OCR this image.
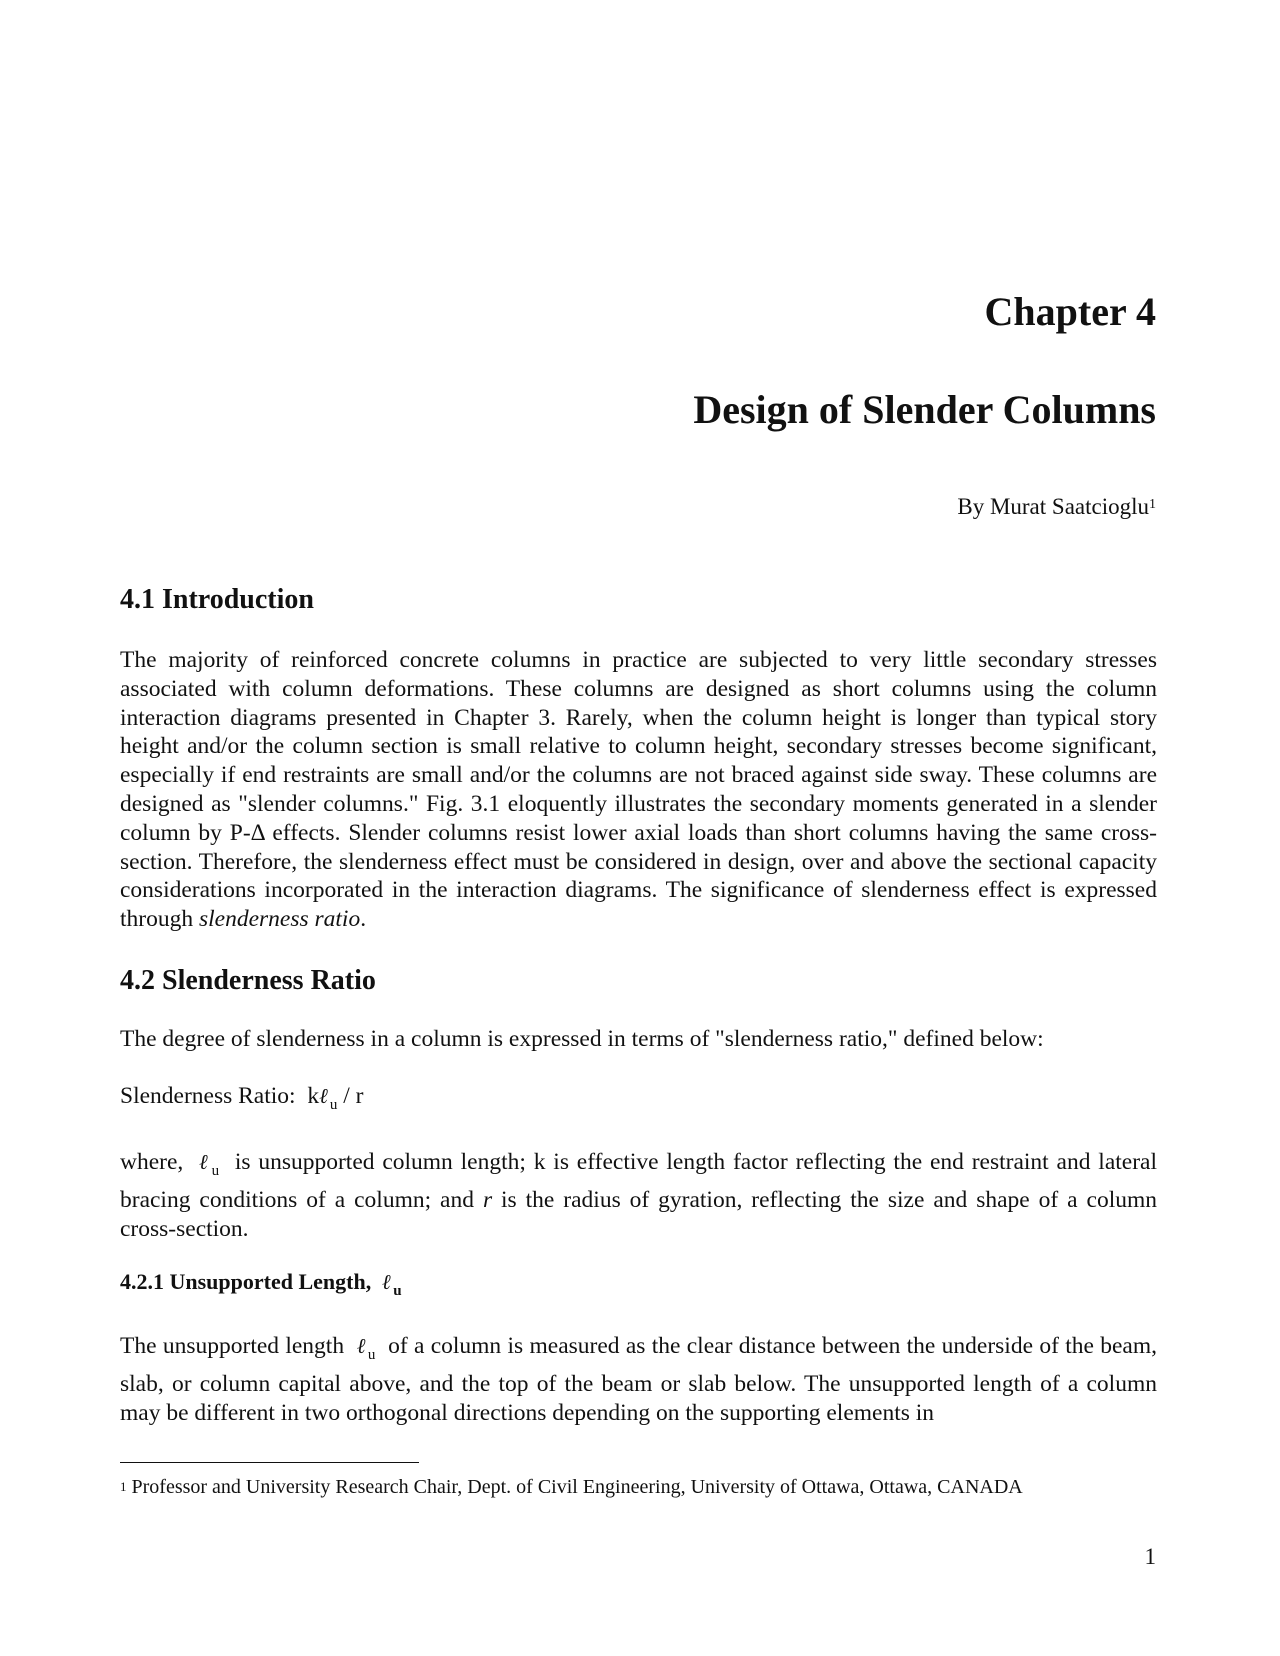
Chapter 4
Design of Slender Columns
By Murat Saatcioglu$^1$
4.1 Introduction

The majority of reinforced concrete columns in practice are subjected to very little secondary stresses associated with column deformations. These columns are designed as short columns using the column interaction diagrams presented in Chapter 3. Rarely, when the column height is longer than typical story height and/or the column section is small relative to column height, secondary stresses become significant, especially if end restraints are small and/or the columns are not braced against side sway. These columns are designed as "slender columns." Fig. 3.1 eloquently illustrates the secondary moments generated in a slender column by P-Δ effects. Slender columns resist lower axial loads than short columns having the same cross-section. Therefore, the slenderness effect must be considered in design, over and above the sectional capacity considerations incorporated in the interaction diagrams. The significance of slenderness effect is expressed through slenderness ratio.

4.2 Slenderness Ratio

The degree of slenderness in a column is expressed in terms of "slenderness ratio," defined below:

Slenderness Ratio: kℓ $_u$ / r

where, ℓ $_u$ is unsupported column length; k is effective length factor reflecting the end restraint and lateral bracing conditions of a column; and r is the radius of gyration, reflecting the size and shape of a column cross-section.

4.2.1 Unsupported Length, ℓ $_u$

The unsupported length ℓ $_u$ of a column is measured as the clear distance between the underside of the beam, slab, or column capital above, and the top of the beam or slab below. The unsupported length of a column may be different in two orthogonal directions depending on the supporting elements in

$^1$ Professor and University Research Chair, Dept. of Civil Engineering, University of Ottawa, Ottawa, CANADA
1
